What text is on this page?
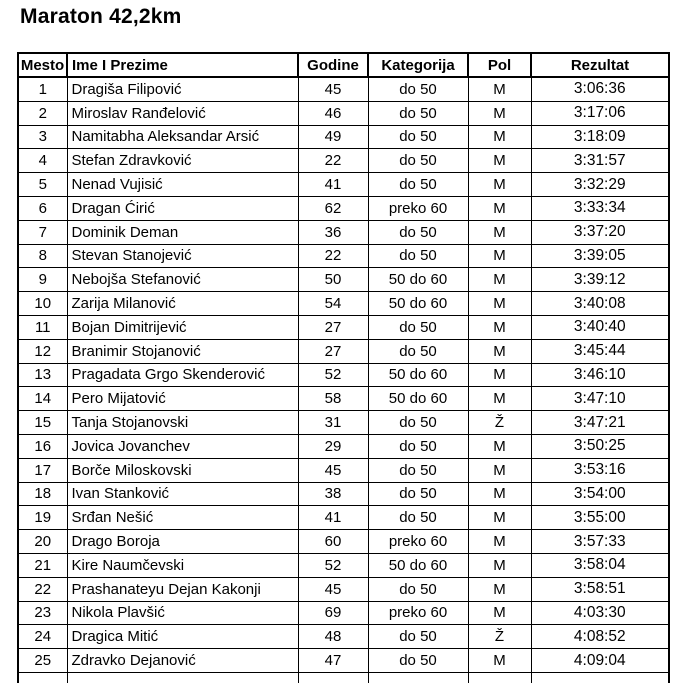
Maraton 42,2km
Mesto	Ime I Prezime	Godine	Kategorija	Pol	Rezultat
1	Dragiša Filipović	45	do 50	M	3:06:36
2	Miroslav Ranđelović	46	do 50	M	3:17:06
3	Namitabha Aleksandar Arsić	49	do 50	M	3:18:09
4	Stefan Zdravković	22	do 50	M	3:31:57
5	Nenad Vujisić	41	do 50	M	3:32:29
6	Dragan Ćirić	62	preko 60	M	3:33:34
7	Dominik Deman	36	do 50	M	3:37:20
8	Stevan Stanojević	22	do 50	M	3:39:05
9	Nebojša Stefanović	50	50 do 60	M	3:39:12
10	Zarija Milanović	54	50 do 60	M	3:40:08
11	Bojan Dimitrijević	27	do 50	M	3:40:40
12	Branimir Stojanović	27	do 50	M	3:45:44
13	Pragadata Grgo Skenderović	52	50 do 60	M	3:46:10
14	Pero Mijatović	58	50 do 60	M	3:47:10
15	Tanja Stojanovski	31	do 50	Ž	3:47:21
16	Jovica Jovanchev	29	do 50	M	3:50:25
17	Borče Miloskovski	45	do 50	M	3:53:16
18	Ivan Stanković	38	do 50	M	3:54:00
19	Srđan Nešić	41	do 50	M	3:55:00
20	Drago Boroja	60	preko 60	M	3:57:33
21	Kire Naumčevski	52	50 do 60	M	3:58:04
22	Prashanateyu Dejan Kakonji	45	do 50	M	3:58:51
23	Nikola Plavšić	69	preko 60	M	4:03:30
24	Dragica Mitić	48	do 50	Ž	4:08:52
25	Zdravko Dejanović	47	do 50	M	4:09:04
